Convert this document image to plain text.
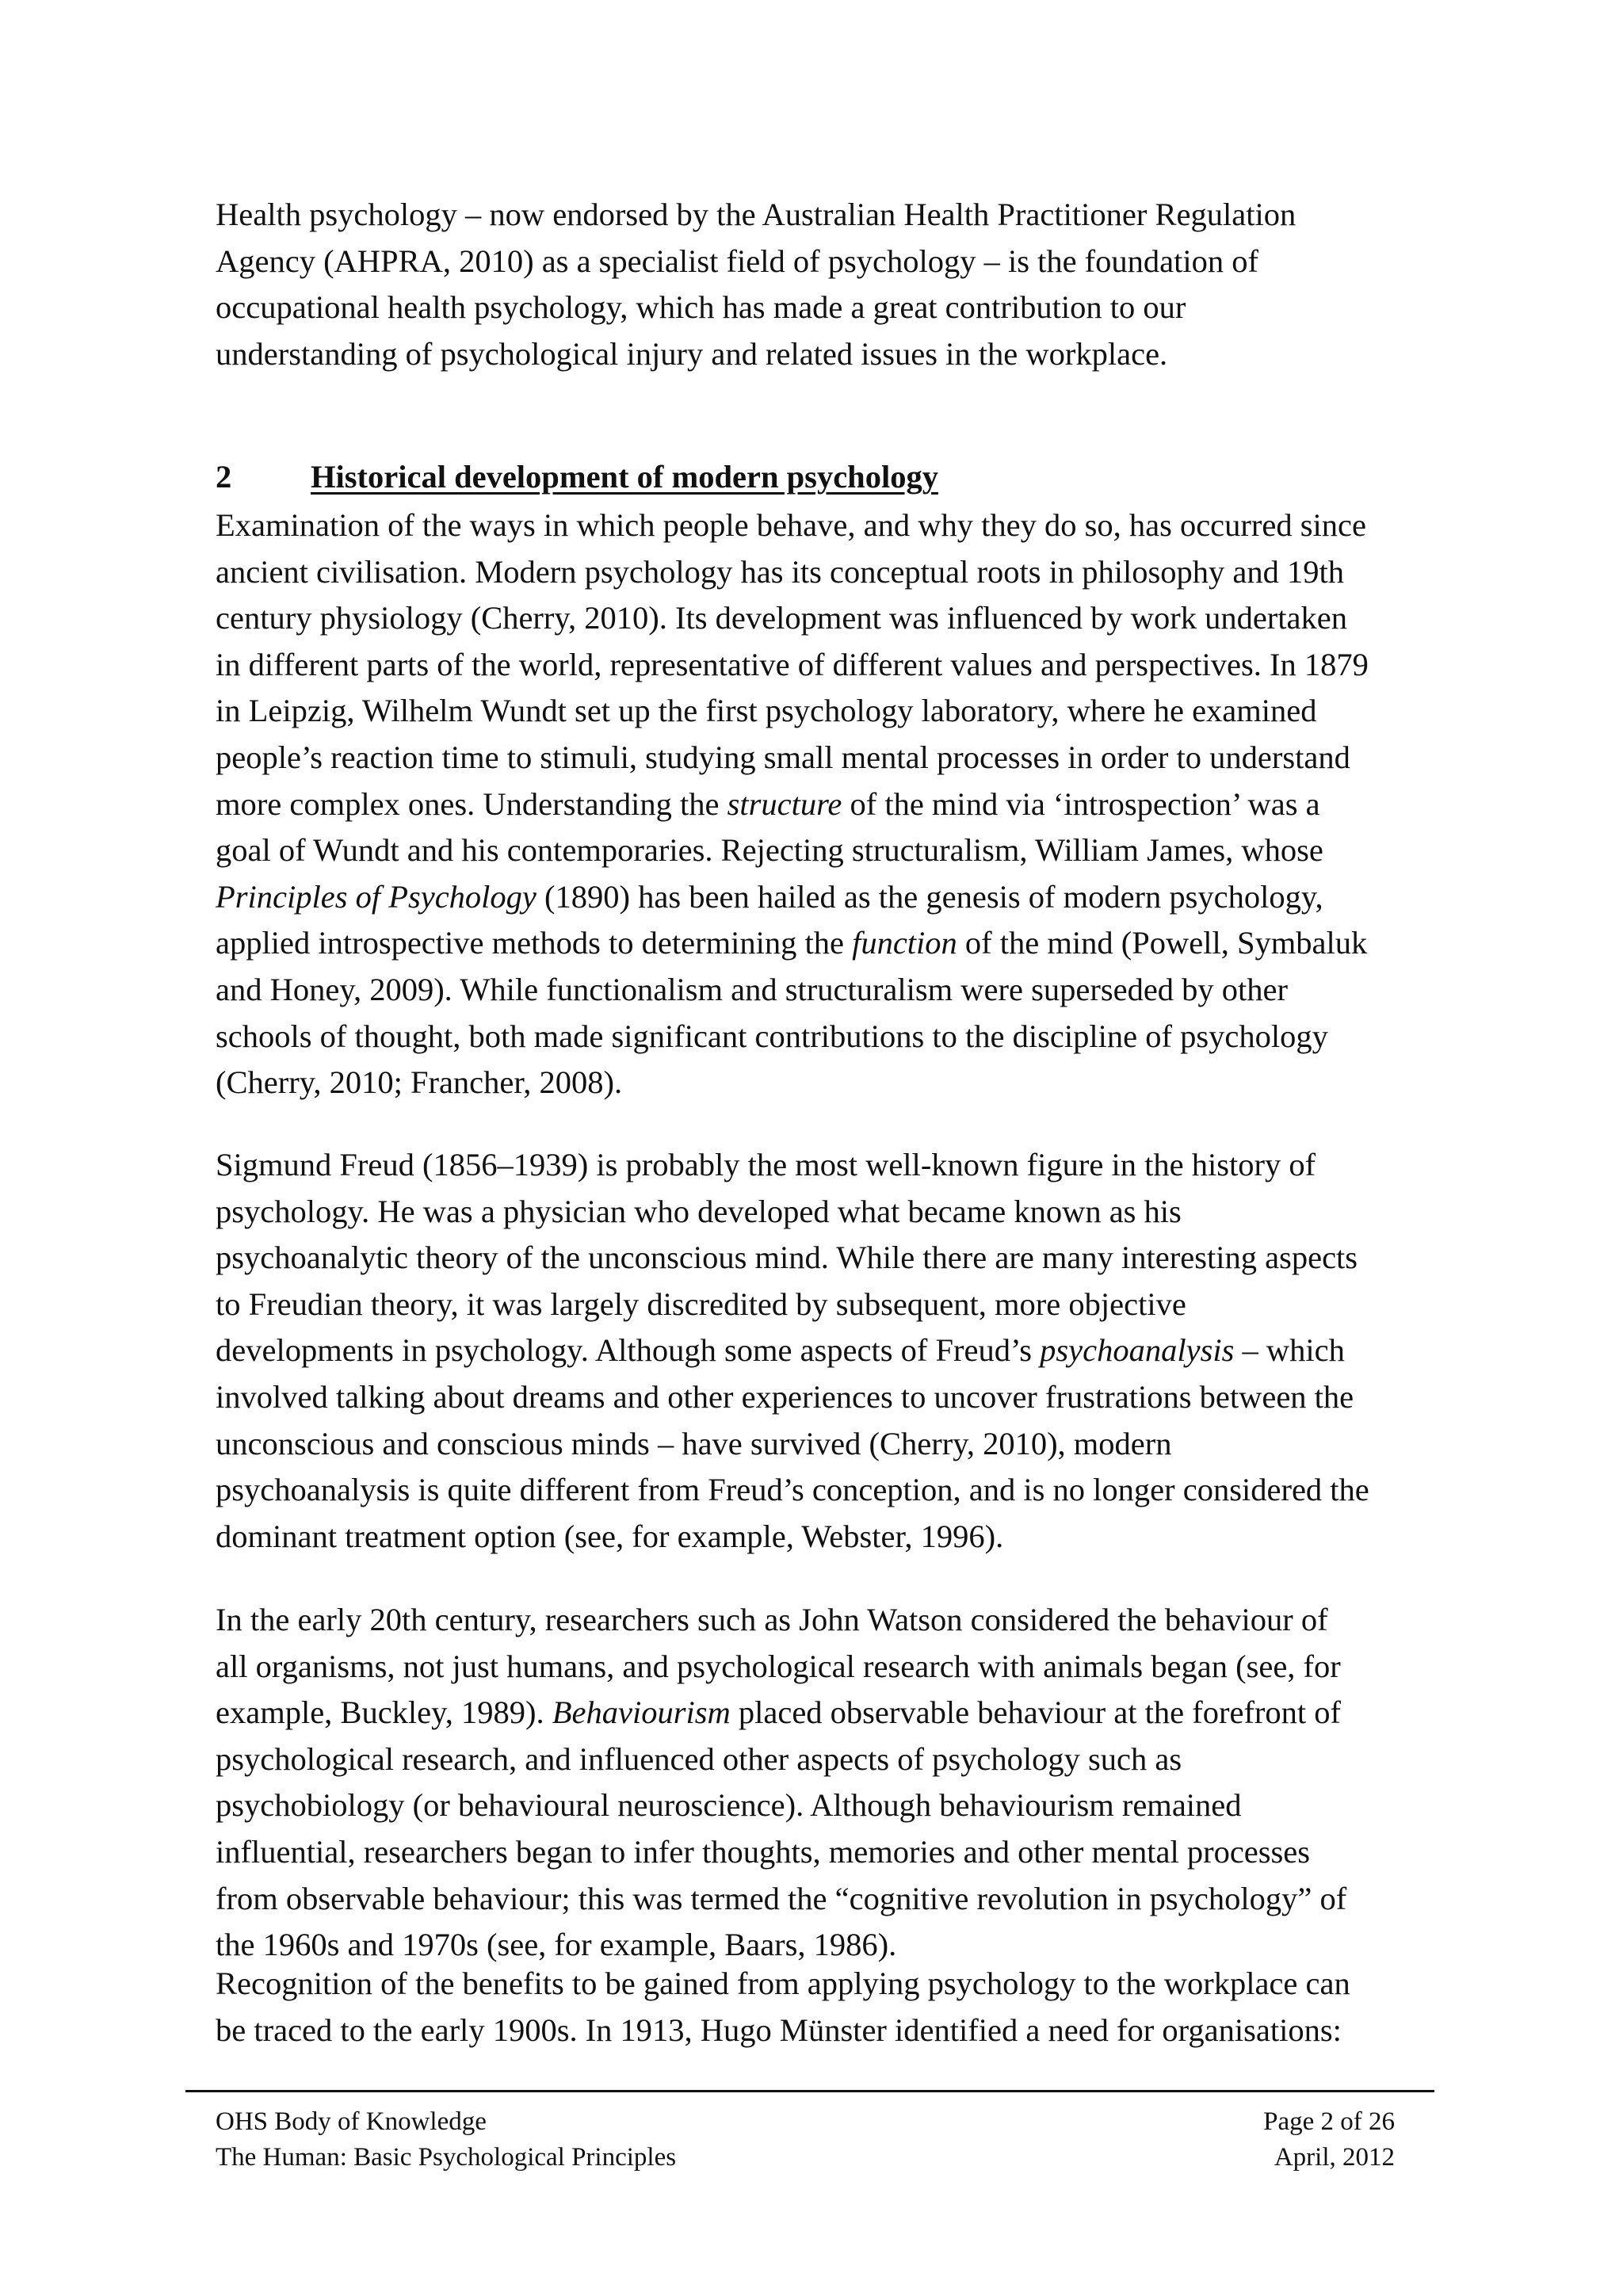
Health psychology – now endorsed by the Australian Health Practitioner Regulation
Agency (AHPRA, 2010) as a specialist field of psychology – is the foundation of
occupational health psychology, which has made a great contribution to our
understanding of psychological injury and related issues in the workplace.
2 Historical development of modern psychology
Examination of the ways in which people behave, and why they do so, has occurred since
ancient civilisation. Modern psychology has its conceptual roots in philosophy and 19th
century physiology (Cherry, 2010). Its development was influenced by work undertaken
in different parts of the world, representative of different values and perspectives. In 1879
in Leipzig, Wilhelm Wundt set up the first psychology laboratory, where he examined
people’s reaction time to stimuli, studying small mental processes in order to understand
more complex ones. Understanding the structure of the mind via ‘introspection’ was a
goal of Wundt and his contemporaries. Rejecting structuralism, William James, whose
Principles of Psychology (1890) has been hailed as the genesis of modern psychology,
applied introspective methods to determining the function of the mind (Powell, Symbaluk
and Honey, 2009). While functionalism and structuralism were superseded by other
schools of thought, both made significant contributions to the discipline of psychology
(Cherry, 2010; Francher, 2008).
Sigmund Freud (1856–1939) is probably the most well-known figure in the history of
psychology. He was a physician who developed what became known as his
psychoanalytic theory of the unconscious mind. While there are many interesting aspects
to Freudian theory, it was largely discredited by subsequent, more objective
developments in psychology. Although some aspects of Freud’s psychoanalysis – which
involved talking about dreams and other experiences to uncover frustrations between the
unconscious and conscious minds – have survived (Cherry, 2010), modern
psychoanalysis is quite different from Freud’s conception, and is no longer considered the
dominant treatment option (see, for example, Webster, 1996).
In the early 20th century, researchers such as John Watson considered the behaviour of
all organisms, not just humans, and psychological research with animals began (see, for
example, Buckley, 1989). Behaviourism placed observable behaviour at the forefront of
psychological research, and influenced other aspects of psychology such as
psychobiology (or behavioural neuroscience). Although behaviourism remained
influential, researchers began to infer thoughts, memories and other mental processes
from observable behaviour; this was termed the “cognitive revolution in psychology” of
the 1960s and 1970s (see, for example, Baars, 1986).
Recognition of the benefits to be gained from applying psychology to the workplace can
be traced to the early 1900s. In 1913, Hugo Münster identified a need for organisations:
OHS Body of Knowledge
The Human: Basic Psychological Principles
Page 2 of 26
April, 2012
